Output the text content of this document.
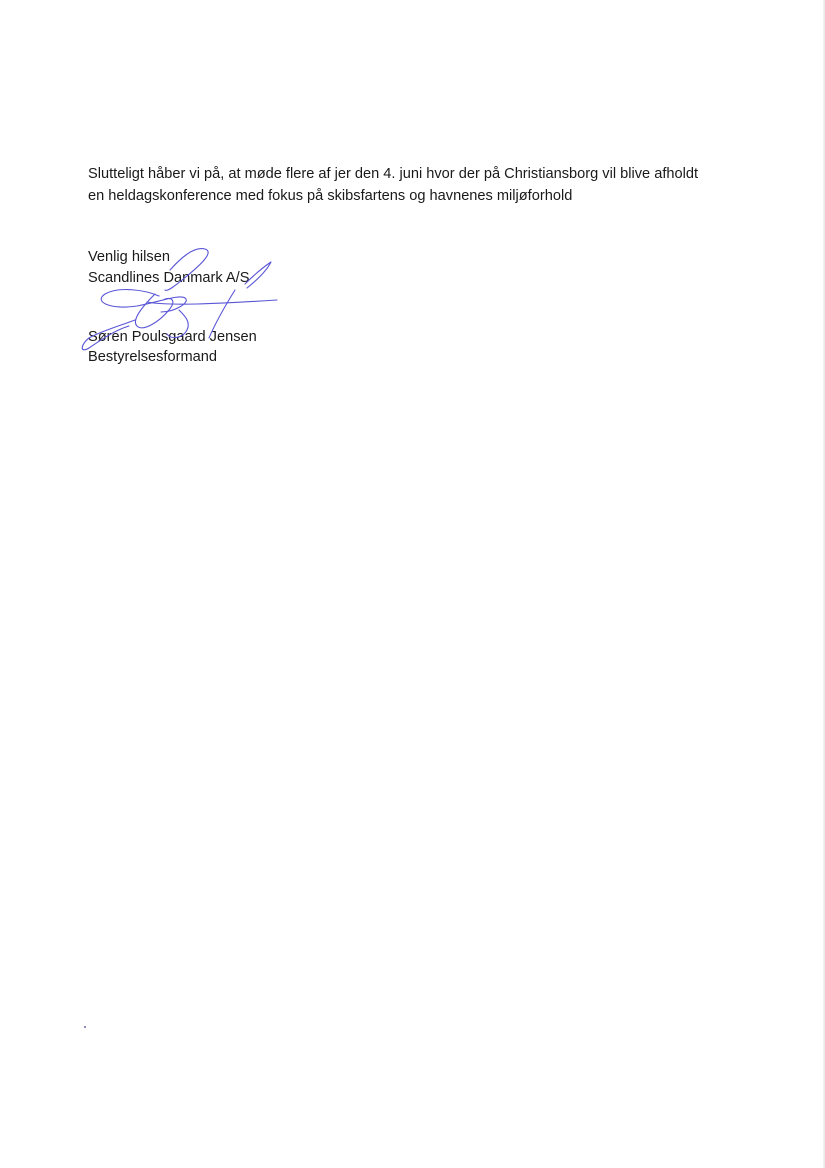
Slutteligt håber vi på, at møde flere af jer den 4. juni hvor der på Christiansborg vil blive afholdt
en heldagskonference med fokus på skibsfartens og havnenes miljøforhold

Venlig hilsen
Scandlines Danmark A/S

Søren Poulsgaard Jensen
Bestyrelsesformand
